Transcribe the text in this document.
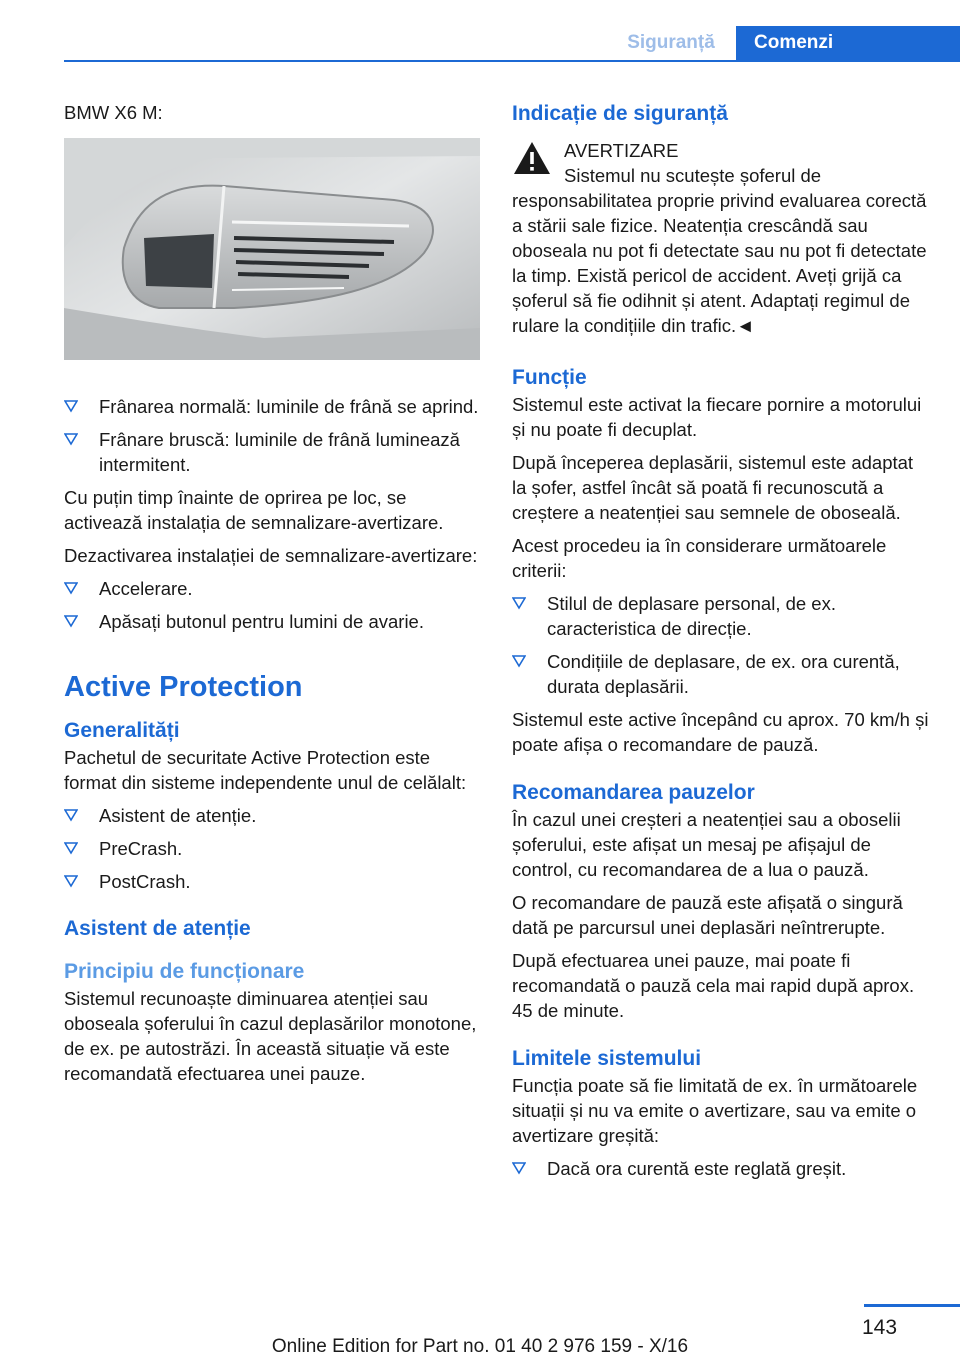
Siguranță	Comenzi

BMW X6 M:

Frânarea normală: luminile de frână se aprind.
Frânare bruscă: luminile de frână luminează intermitent.

Cu puțin timp înainte de oprirea pe loc, se activează instalația de semnalizare-avertizare.

Dezactivarea instalației de semnalizare-avertizare:

Accelerare.
Apăsați butonul pentru lumini de avarie.
Active Protection
Generalități

Pachetul de securitate Active Protection este format din sisteme independente unul de celălalt:

Asistent de atenție.
PreCrash.
PostCrash.
Asistent de atenție
Principiu de funcționare

Sistemul recunoaște diminuarea atenției sau oboseala șoferului în cazul deplasărilor monotone, de ex. pe autostrăzi. În această situație vă este recomandată efectuarea unei pauze.

Indicație de siguranță

AVERTIZARE

Sistemul nu scutește șoferul de responsabilitatea proprie privind evaluarea corectă a stării sale fizice. Neatenția crescândă sau oboseala nu pot fi detectate sau nu pot fi detectate la timp. Există pericol de accident. Aveți grijă ca șoferul să fie odihnit și atent. Adaptați regimul de rulare la condițiile din trafic.◄

Funcție

Sistemul este activat la fiecare pornire a motorului și nu poate fi decuplat.

După începerea deplasării, sistemul este adaptat la șofer, astfel încât să poată fi recunoscută a creștere a neatenției sau semnele de oboseală.

Acest procedeu ia în considerare următoarele criterii:

Stilul de deplasare personal, de ex. caracteristica de direcție.
Condițiile de deplasare, de ex. ora curentă, durata deplasării.

Sistemul este active începând cu aprox. 70 km/h și poate afișa o recomandare de pauză.

Recomandarea pauzelor

În cazul unei creșteri a neatenției sau a oboselii șoferului, este afișat un mesaj pe afișajul de control, cu recomandarea de a lua o pauză.

O recomandare de pauză este afișată o singură dată pe parcursul unei deplasări neîntrerupte.

După efectuarea unei pauze, mai poate fi recomandată o pauză cela mai rapid după aprox. 45 de minute.

Limitele sistemului

Funcția poate să fie limitată de ex. în următoarele situații și nu va emite o avertizare, sau va emite o avertizare greșită:

Dacă ora curentă este reglată greșit.
143
Online Edition for Part no. 01 40 2 976 159 - X/16
